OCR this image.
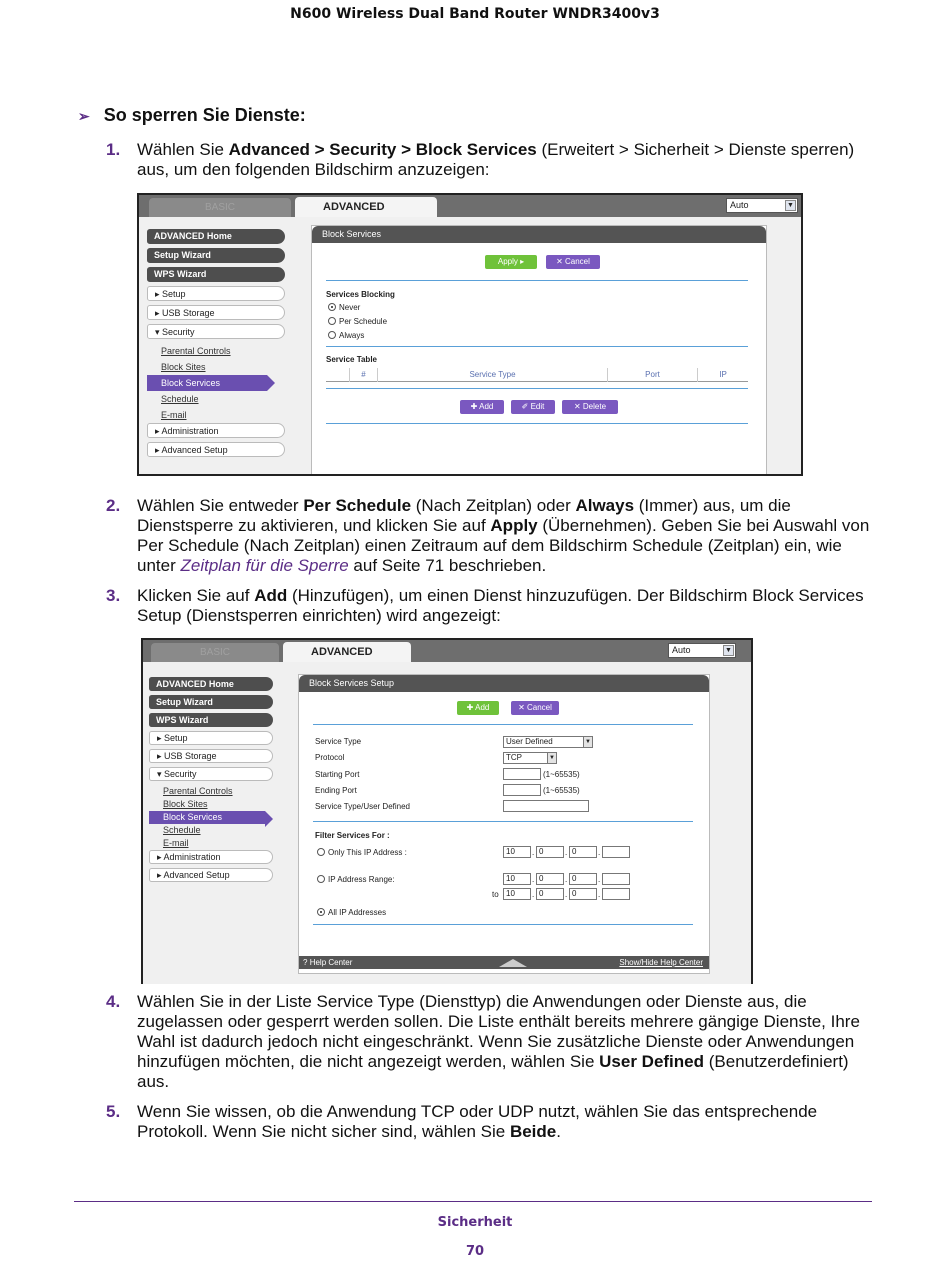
N600 Wireless Dual Band Router WNDR3400v3
➢ So sperren Sie Dienste:
1. Wählen Sie Advanced > Security > Block Services (Erweitert > Sicherheit > Dienste sperren) aus, um den folgenden Bildschirm anzuzeigen:
BASIC	ADVANCED	Auto	▼
ADVANCED Home
Setup Wizard
WPS Wizard
▸ Setup
▸ USB Storage
▾ Security
Parental Controls
Block Sites
Block Services
Schedule
E-mail
▸ Administration
▸ Advanced Setup
Block Services
Apply ▸	✕ Cancel
Services Blocking
Never
Per Schedule
Always
Service Table
#	Service Type	Port	IP
✚ Add	✐ Edit	✕ Delete
2. Wählen Sie entweder Per Schedule (Nach Zeitplan) oder Always (Immer) aus, um die Dienstsperre zu aktivieren, und klicken Sie auf Apply (Übernehmen). Geben Sie bei Auswahl von Per Schedule (Nach Zeitplan) einen Zeitraum auf dem Bildschirm Schedule (Zeitplan) ein, wie unter Zeitplan für die Sperre auf Seite 71 beschrieben.
3. Klicken Sie auf Add (Hinzufügen), um einen Dienst hinzuzufügen. Der Bildschirm Block Services Setup (Dienstsperren einrichten) wird angezeigt:
BASIC	ADVANCED	Auto	▼
ADVANCED Home
Setup Wizard
WPS Wizard
▸ Setup
▸ USB Storage
▾ Security
Parental Controls
Block Sites
Block Services
Schedule
E-mail
▸ Administration
▸ Advanced Setup
Block Services Setup
✚ Add	✕ Cancel
Service Type	User Defined	▼
Protocol	TCP	▼
Starting Port	(1~65535)
Ending Port	(1~65535)
Service Type/User Defined
Filter Services For :
Only This IP Address :	10	. 0	. 0	.
IP Address Range:	10	. 0	. 0	.
to 10	. 0	. 0	.
All IP Addresses
? Help Center	Show/Hide Help Center
4. Wählen Sie in der Liste Service Type (Diensttyp) die Anwendungen oder Dienste aus, die zugelassen oder gesperrt werden sollen. Die Liste enthält bereits mehrere gängige Dienste, Ihre Wahl ist dadurch jedoch nicht eingeschränkt. Wenn Sie zusätzliche Dienste oder Anwendungen hinzufügen möchten, die nicht angezeigt werden, wählen Sie User Defined (Benutzerdefiniert) aus.
5. Wenn Sie wissen, ob die Anwendung TCP oder UDP nutzt, wählen Sie das entsprechende Protokoll. Wenn Sie nicht sicher sind, wählen Sie Beide.
Sicherheit
70
